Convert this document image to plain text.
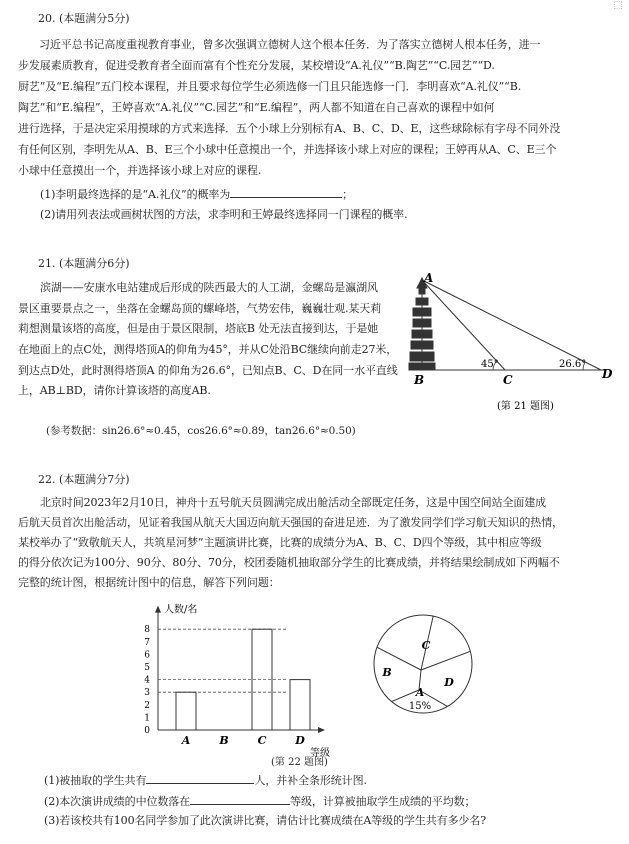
⬚
20. (本题满分5分)
习近平总书记高度重视教育事业，曾多次强调立德树人这个根本任务．为了落实立德树人根本任务，进一
步发展素质教育，促进受教育者全面而富有个性充分发展，某校增设“A.礼仪”“B.陶艺”“C.园艺”“D.
厨艺”及“E.编程”五门校本课程，并且要求每位学生必须选修一门且只能选修一门．李明喜欢“A.礼仪”“B.
陶艺”和“E.编程”，王婷喜欢“A.礼仪”“C.园艺”和“E.编程”，两人都不知道在自己喜欢的课程中如何
进行选择，于是决定采用摸球的方式来选择．五个小球上分别标有A、B、C、D、E，这些球除标有字母不同外没
有任何区别，李明先从A、B、E三个小球中任意摸出一个，并选择该小球上对应的课程；王婷再从A、C、E三个
小球中任意摸出一个，并选择该小球上对应的课程.
(1)李明最终选择的是“A.礼仪”的概率为	；
(2)请用列表法或画树状图的方法，求李明和王婷最终选择同一门课程的概率.
21. (本题满分6分)
滨湖——安康水电站建成后形成的陕西最大的人工湖，金螺岛是瀛湖风
景区重要景点之一，坐落在金螺岛顶的螺峰塔，气势宏伟，巍巍壮观.某天莉
莉想测量该塔的高度，但是由于景区限制，塔底B 处无法直接到达，于是她
在地面上的点C处，测得塔顶A的仰角为45°，并从C处沿BC继续向前走27米，
到达点D处，此时测得塔顶A 的仰角为26.6°，已知点B、C、D在同一水平直线
上，AB⊥BD，请你计算该塔的高度AB.
(参考数据：sin26.6°≈0.45，cos26.6°≈0.89，tan26.6°≈0.50)
A
B	C	D
45°	26.6°
(第 21 题图)
22. (本题满分7分)
北京时间2023年2月10日，神舟十五号航天员圆满完成出舱活动全部既定任务，这是中国空间站全面建成
后航天员首次出舱活动，见证着我国从航天大国迈向航天强国的奋进足迹．为了激发同学们学习航天知识的热情，
某校举办了“致敬航天人，共筑星河梦”主题演讲比赛，比赛的成绩分为A、B、C、D四个等级，其中相应等级
的得分依次记为100分、90分、80分、70分，校团委随机抽取部分学生的比赛成绩，并将结果绘制成如下两幅不
完整的统计图，根据统计图中的信息，解答下列问题：
人数/名
等级
0
1
2
3
4
5
6
7
8
A	B	C	D
A
15%
B
C
D
(第 22 题图)
(1)被抽取的学生共有	人，并补全条形统计图.
(2)本次演讲成绩的中位数落在	等级，计算被抽取学生成绩的平均数；
(3)若该校共有100名同学参加了此次演讲比赛，请估计比赛成绩在A等级的学生共有多少名?
